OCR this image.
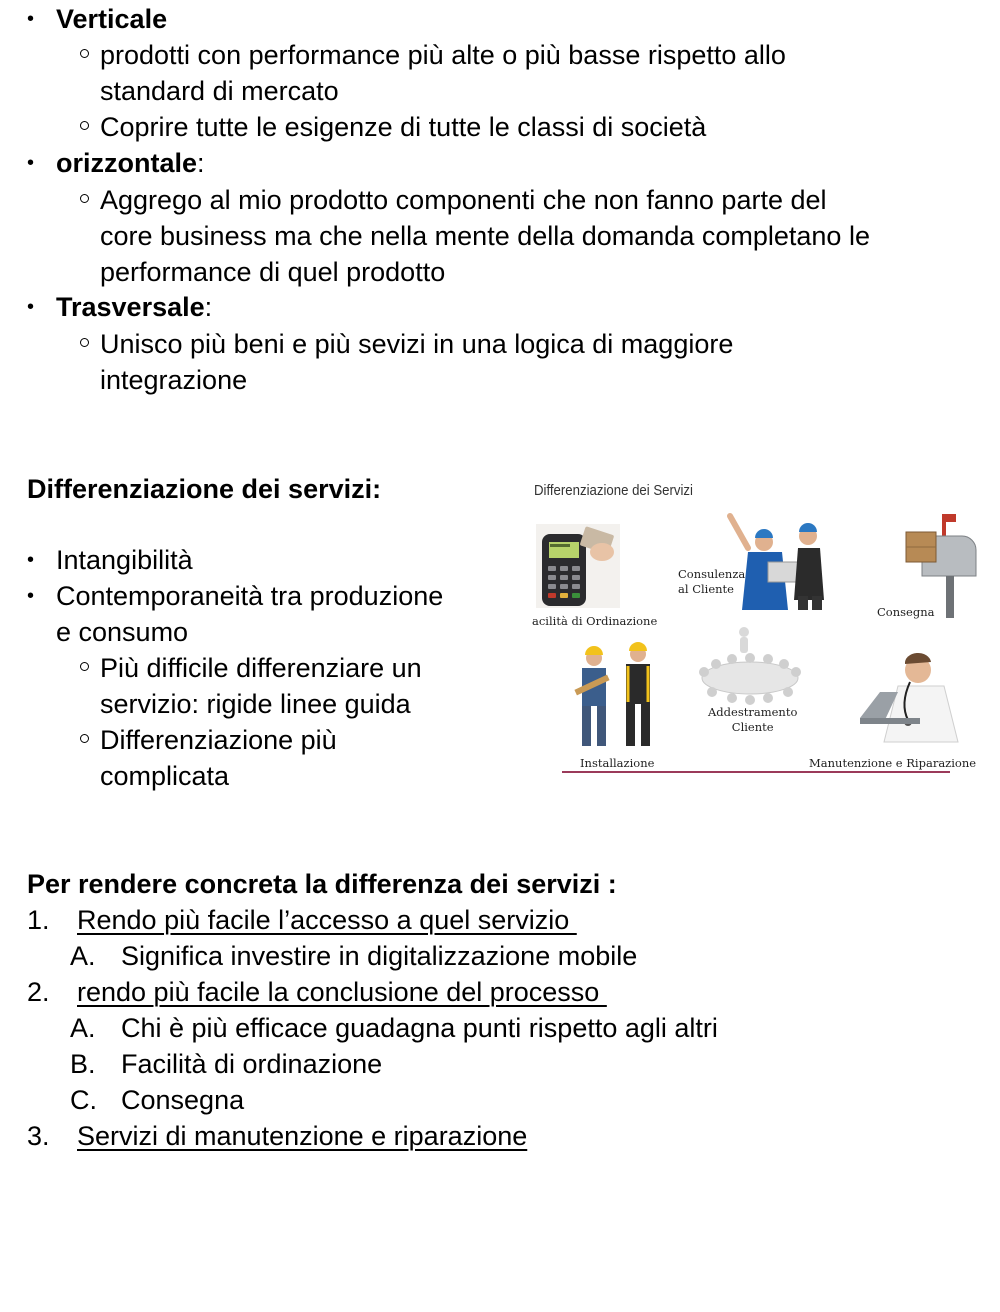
• Verticale
prodotti con performance più alte o più basse rispetto allo
standard di mercato
Coprire tutte le esigenze di tutte le classi di società
• orizzontale:
Aggrego al mio prodotto componenti che non fanno parte del
core business ma che nella mente della domanda completano le
performance di quel prodotto
• Trasversale:
Unisco più beni e più sevizi in una logica di maggiore
integrazione
Differenziazione dei servizi:
• Intangibilità
• Contemporaneità tra produzione
e consumo
Più difficile differenziare un
servizio: rigide linee guida
Differenziazione più
complicata
Differenziazione dei Servizi
acilità di Ordinazione
Consulenza
al Cliente
Consegna
Installazione
Addestramento
Cliente
Manutenzione e Riparazione
Per rendere concreta la differenza dei servizi :
1. Rendo più facile l’accesso a quel servizio
A. Significa investire in digitalizzazione mobile
2. rendo più facile la conclusione del processo
A. Chi è più efficace guadagna punti rispetto agli altri
B. Facilità di ordinazione
C. Consegna
3. Servizi di manutenzione e riparazione
